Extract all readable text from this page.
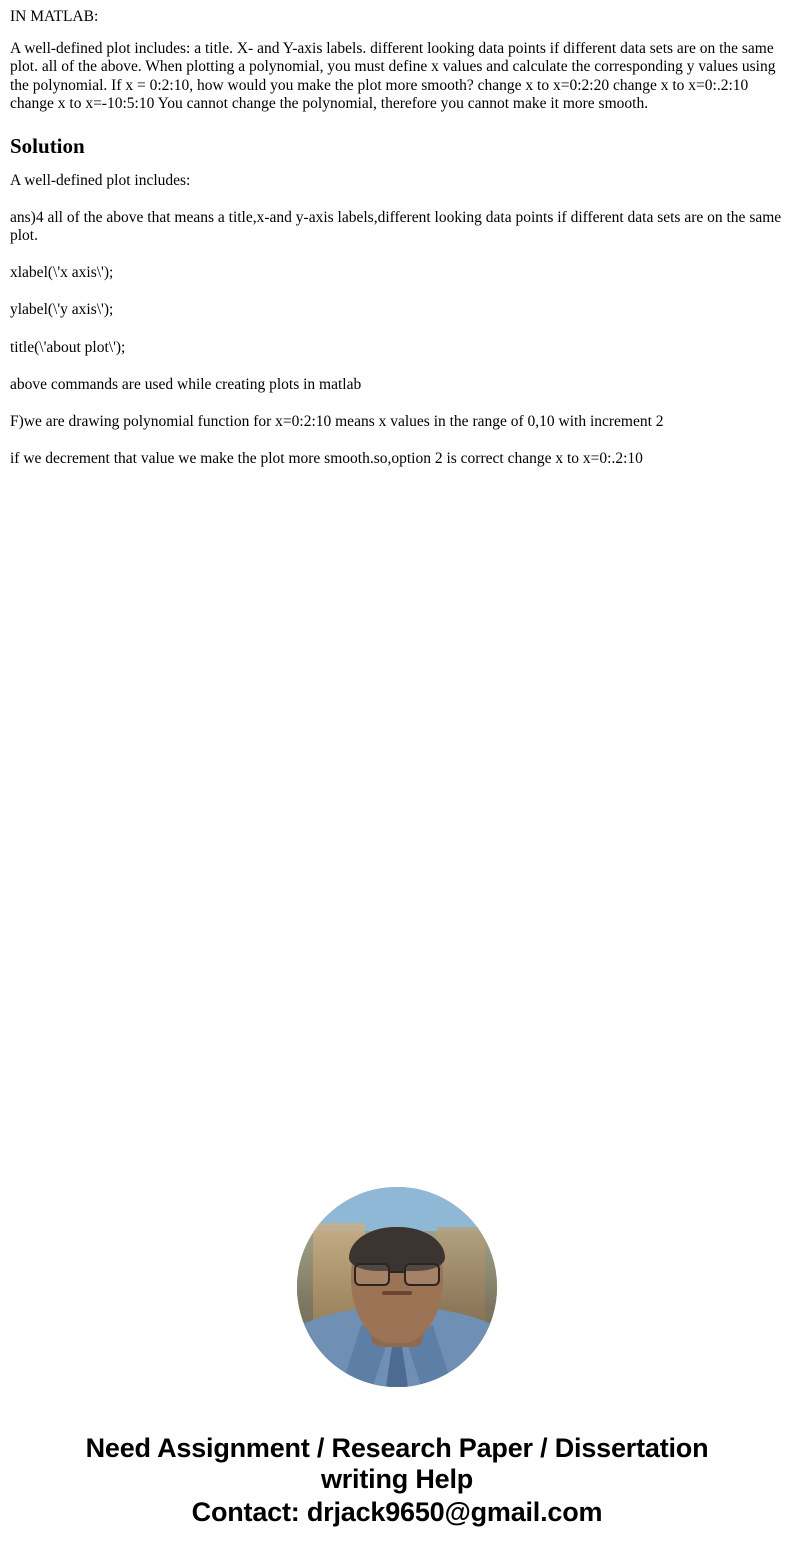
IN MATLAB:
A well-defined plot includes: a title. X- and Y-axis labels. different looking data points if different data sets are on the same plot. all of the above. When plotting a polynomial, you must define x values and calculate the corresponding y values using the polynomial. If x = 0:2:10, how would you make the plot more smooth? change x to x=0:2:20 change x to x=0:.2:10 change x to x=-10:5:10 You cannot change the polynomial, therefore you cannot make it more smooth.
Solution

A well-defined plot includes:

ans)4 all of the above that means a title,x-and y-axis labels,different looking data points if different data sets are on the same plot.

xlabel(\'x axis\');

ylabel(\'y axis\');

title(\'about plot\');

above commands are used while creating plots in matlab

F)we are drawing polynomial function for x=0:2:10 means x values in the range of 0,10 with increment 2

if we decrement that value we make the plot more smooth.so,option 2 is correct change x to x=0:.2:10

Need Assignment / Research Paper / Dissertation
writing Help
Contact: drjack9650@gmail.com
